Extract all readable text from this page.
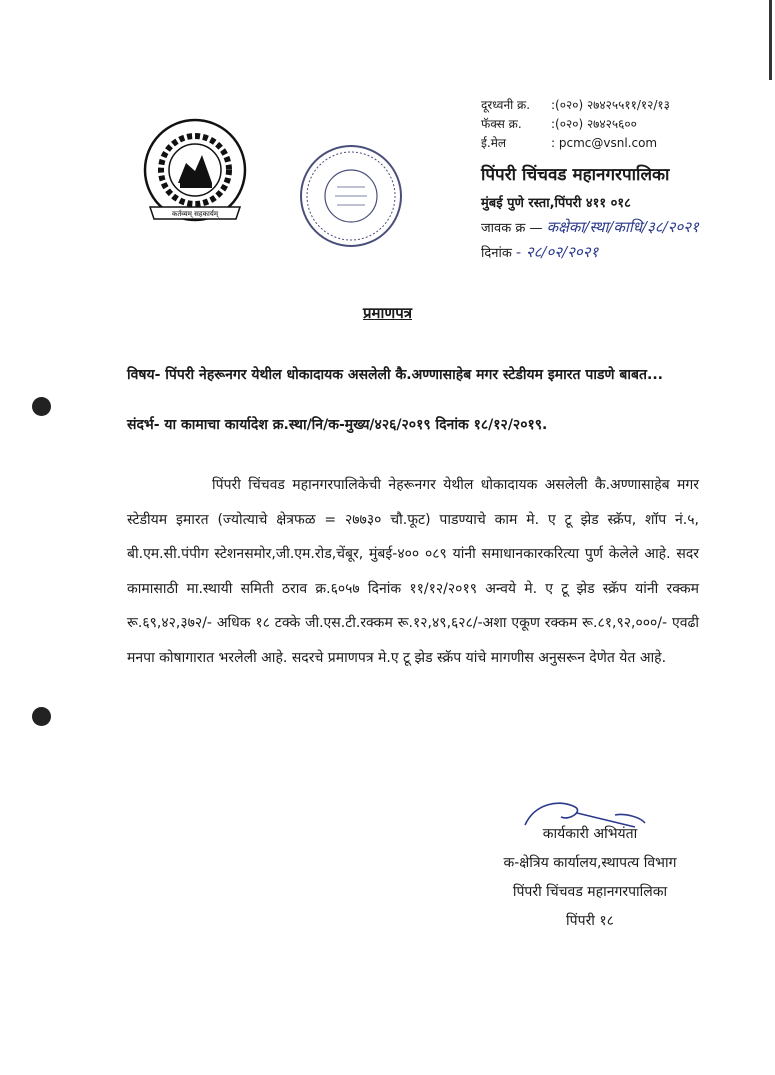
कर्तव्यम् सहकार्यम्
दूरध्वनी क्र. :(०२०) २७४२५५११/१२/१३
फॅक्स क्र. :(०२०) २७४२५६००
ई.मेल	: pcmc@vsnl.com
पिंपरी चिंचवड महानगरपालिका
मुंबई पुणे रस्ता,पिंपरी ४११ ०१८
जावक क्र — कक्षेका/स्था/काधि/३८/२०२१
दिनांक - २८/०२/२०२१
प्रमाणपत्र
विषय- पिंपरी नेहरूनगर येथील धोकादायक असलेली कै.अण्णासाहेब मगर स्टेडीयम इमारत पाडणे बाबत...
संदर्भ- या कामाचा कार्यादेश क्र.स्था/नि/क-मुख्य/४२६/२०१९ दिनांक १८/१२/२०१९.
पिंपरी चिंचवड महानगरपालिकेची नेहरूनगर येथील धोकादायक असलेली कै.अण्णासाहेब मगर स्टेडीयम इमारत (ज्योत्याचे क्षेत्रफळ = २७७३० चौ.फूट) पाडण्याचे काम मे. ए टू झेड स्क्रॅप, शॉप नं.५, बी.एम.सी.पंपीग स्टेशनसमोर,जी.एम.रोड,चेंबूर, मुंबई-४०० ०८९ यांनी समाधानकारकरित्या पुर्ण केलेले आहे. सदर कामासाठी मा.स्थायी समिती ठराव क्र.६०५७ दिनांक ११/१२/२०१९ अन्वये मे. ए टू झेड स्क्रॅप यांनी रक्कम रू.६९,४२,३७२/- अधिक १८ टक्के जी.एस.टी.रक्कम रू.१२,४९,६२८/-अशा एकूण रक्कम रू.८१,९२,०००/- एवढी मनपा कोषागारात भरलेली आहे. सदरचे प्रमाणपत्र मे.ए टू झेड स्क्रॅप यांचे मागणीस अनुसरून देणेत येत आहे.
कार्यकारी अभियंता
क-क्षेत्रिय कार्यालय,स्थापत्य विभाग
पिंपरी चिंचवड महानगरपालिका
पिंपरी १८
